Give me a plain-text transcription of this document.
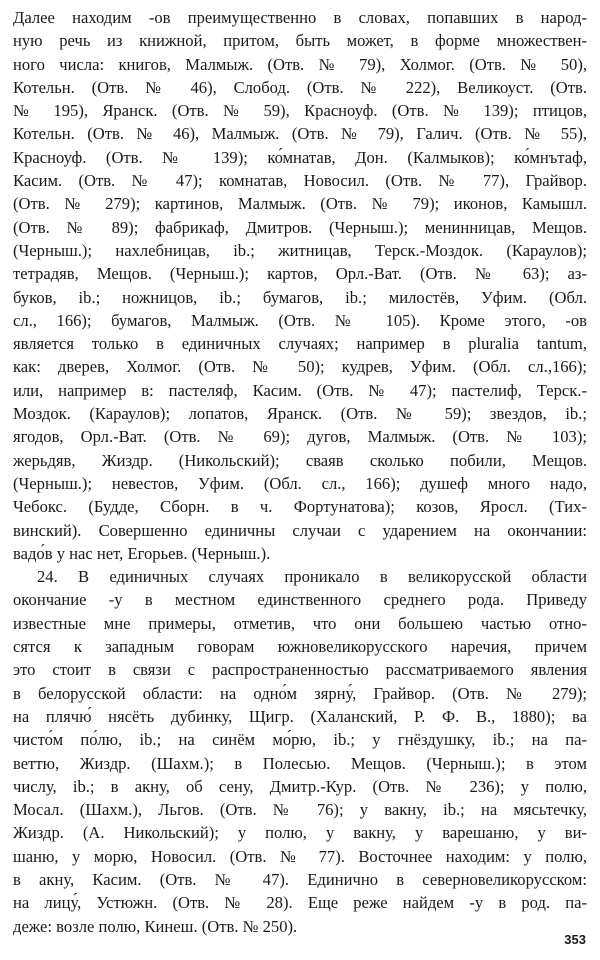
Далее находим -ов преимущественно в словах, попавших в народ-
ную речь из книжной, притом, быть может, в форме множествен-
ного числа: книгов, Малмыж. (Отв. № 79), Холмог. (Отв. № 50),
Котельн. (Отв. № 46), Слобод. (Отв. № 222), Великоуст. (Отв.
№ 195), Яранск. (Отв. № 59), Красноуф. (Отв. № 139); птицов,
Котельн. (Отв. № 46), Малмыж. (Отв. № 79), Галич. (Отв. № 55),
Красноуф. (Отв. № 139); ко́мнатав, Дон. (Калмыков); ко́мнътаф,
Касим. (Отв. № 47); комнатав, Новосил. (Отв. № 77), Грайвор.
(Отв. № 279); картинов, Малмыж. (Отв. № 79); иконов, Камышл.
(Отв. № 89); фабрикаф, Дмитров. (Черныш.); менинницав, Мещов.
(Черныш.); нахлебницав, ib.; житницав, Терск.-Моздок. (Караулов);
тетрадяв, Мещов. (Черныш.); картов, Орл.-Ват. (Отв. № 63); аз-
буков, ib.; ножницов, ib.; бумагов, ib.; милостёв, Уфим. (Обл.
сл., 166); бумагов, Малмыж. (Отв. № 105). Кроме этого, -ов
является только в единичных случаях; например в pluralia tantum,
как: дверев, Холмог. (Отв. № 50); кудрев, Уфим. (Обл. сл.,166);
или, например в: пастеляф, Касим. (Отв. № 47); пастелиф, Терск.-
Моздок. (Караулов); лопатов, Яранск. (Отв. № 59); звездов, ib.;
ягодов, Орл.-Ват. (Отв. № 69); дугов, Малмыж. (Отв. № 103);
жерьдяв, Жиздр. (Никольский); сваяв сколько побили, Мещов.
(Черныш.); невестов, Уфим. (Обл. сл., 166); душеф много надо,
Чебокс. (Будде, Сборн. в ч. Фортунатова); козов, Яросл. (Тих-
винский). Совершенно единичны случаи с ударением на окончании:
вадо́в у нас нет, Егорьев. (Черныш.).
24. В единичных случаях проникало в великорусской области
окончание -у в местном единственного среднего рода. Приведу
известные мне примеры, отметив, что они большею частью отно-
сятся к западным говорам южновеликорусского наречия, причем
это стоит в связи с распространенностью рассматриваемого явления
в белорусской области: на одно́м зярну́, Грайвор. (Отв. № 279);
на плячю́ нясёть дубинку, Щигр. (Халанский, Р. Ф. В., 1880); ва
чисто́м по́лю, ib.; на синём мо́рю, ib.; у гнёздушку, ib.; на па-
веттю, Жиздр. (Шахм.); в Полесью. Мещов. (Черныш.); в этом
числу, ib.; в акну, об сену, Дмитр.-Кур. (Отв. № 236); у полю,
Мосал. (Шахм.), Льгов. (Отв. № 76); у вакну, ib.; на мясьтечку,
Жиздр. (А. Никольский); у полю, у вакну, у варешаню, у ви-
шаню, у морю, Новосил. (Отв. № 77). Восточнее находим: у полю,
в акну, Касим. (Отв. № 47). Единично в северновеликорусском:
на лицу́, Устюжн. (Отв. № 28). Еще реже найдем -у в род. па-
деже: возле полю, Кинеш. (Отв. № 250).
353
